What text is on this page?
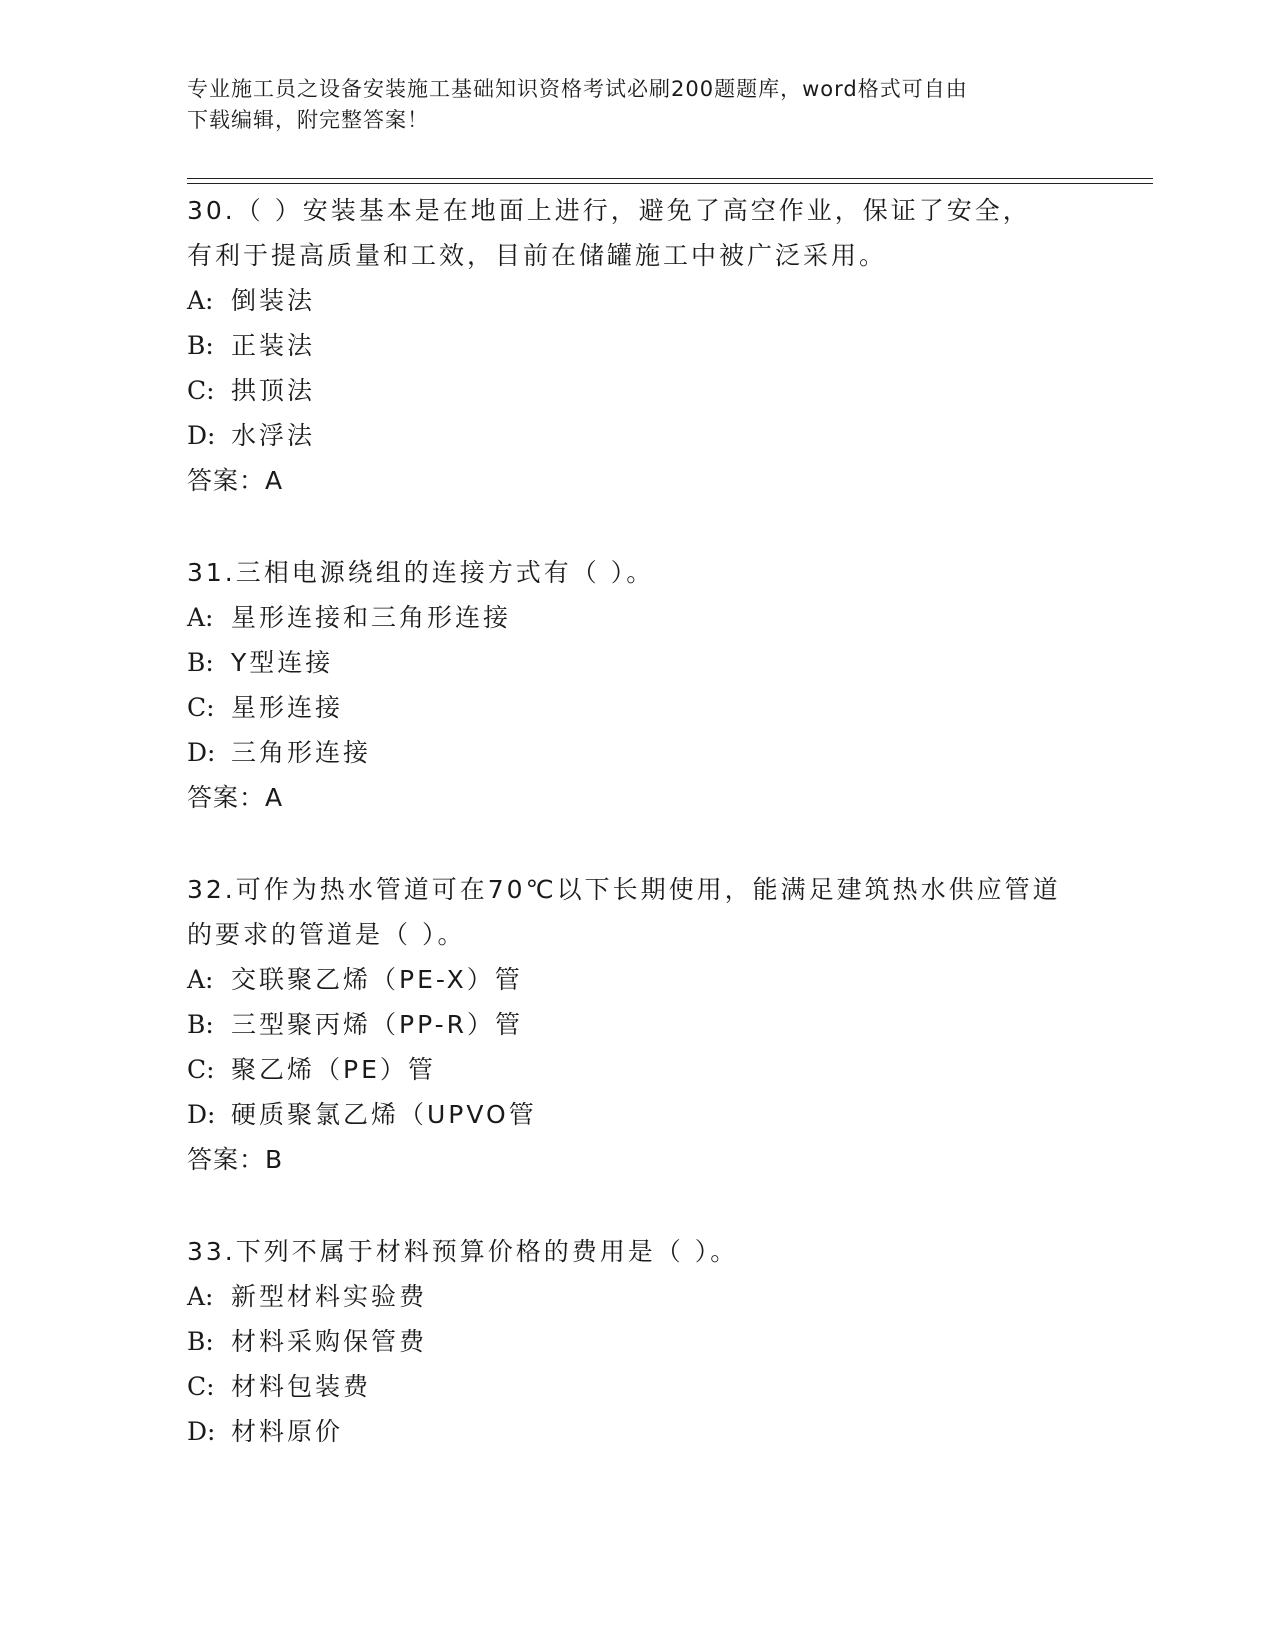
专业施工员之设备安装施工基础知识资格考试必刷200题题库，word格式可自由
下载编辑，附完整答案！
30.（ ）安装基本是在地面上进行，避免了高空作业，保证了安全，
有利于提高质量和工效，目前在储罐施工中被广泛采用。
A: 倒装法
B: 正装法
C: 拱顶法
D: 水浮法
答案：A
31.三相电源绕组的连接方式有（ ）。
A: 星形连接和三角形连接
B: Y型连接
C: 星形连接
D: 三角形连接
答案：A
32.可作为热水管道可在70℃以下长期使用，能满足建筑热水供应管道
的要求的管道是（ ）。
A: 交联聚乙烯（PE-X）管
B: 三型聚丙烯（PP-R）管
C: 聚乙烯（PE）管
D: 硬质聚氯乙烯（UPVO管
答案：B
33.下列不属于材料预算价格的费用是（ ）。
A: 新型材料实验费
B: 材料采购保管费
C: 材料包装费
D: 材料原价
